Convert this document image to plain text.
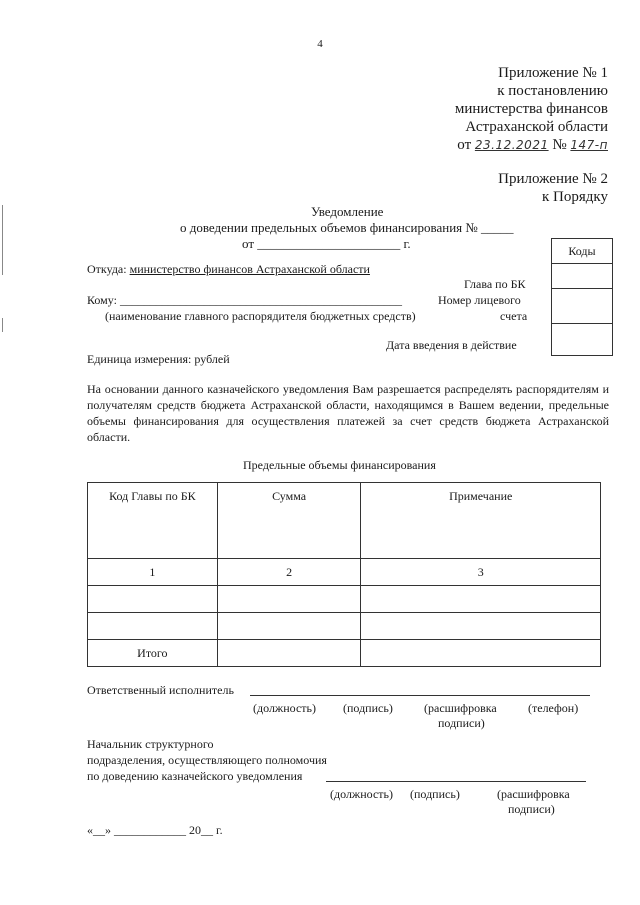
4
Приложение № 1
к постановлению
министерства финансов
Астраханской области
от 23.12.2021 № 147-п
Приложение № 2
к Порядку
Уведомление
о доведении предельных объемов финансирования № _____
от ______________________ г.	Коды
Откуда: министерство финансов Астраханской области
Глава по БК
Кому: _______________________________________________	Номер лицевого
(наименование главного распорядителя бюджетных средств)	счета
Дата введения в действие
Единица измерения: рублей
На основании данного казначейского уведомления Вам разрешается распределять распорядителям и получателям средств бюджета Астраханской области, находящимся в Вашем ведении, предельные объемы финансирования для осуществления платежей за счет средств бюджета Астраханской области.
Предельные объемы финансирования
Код Главы по БК	Сумма	Примечание
1	2	3

Итого		
Ответственный исполнитель
(должность) (подпись)	(расшифровка
подписи)
(телефон)
Начальник структурного
подразделения, осуществляющего полномочия
по доведению казначейского уведомления
(должность) (подпись)	(расшифровка
подписи)
«__» ____________ 20__ г.
